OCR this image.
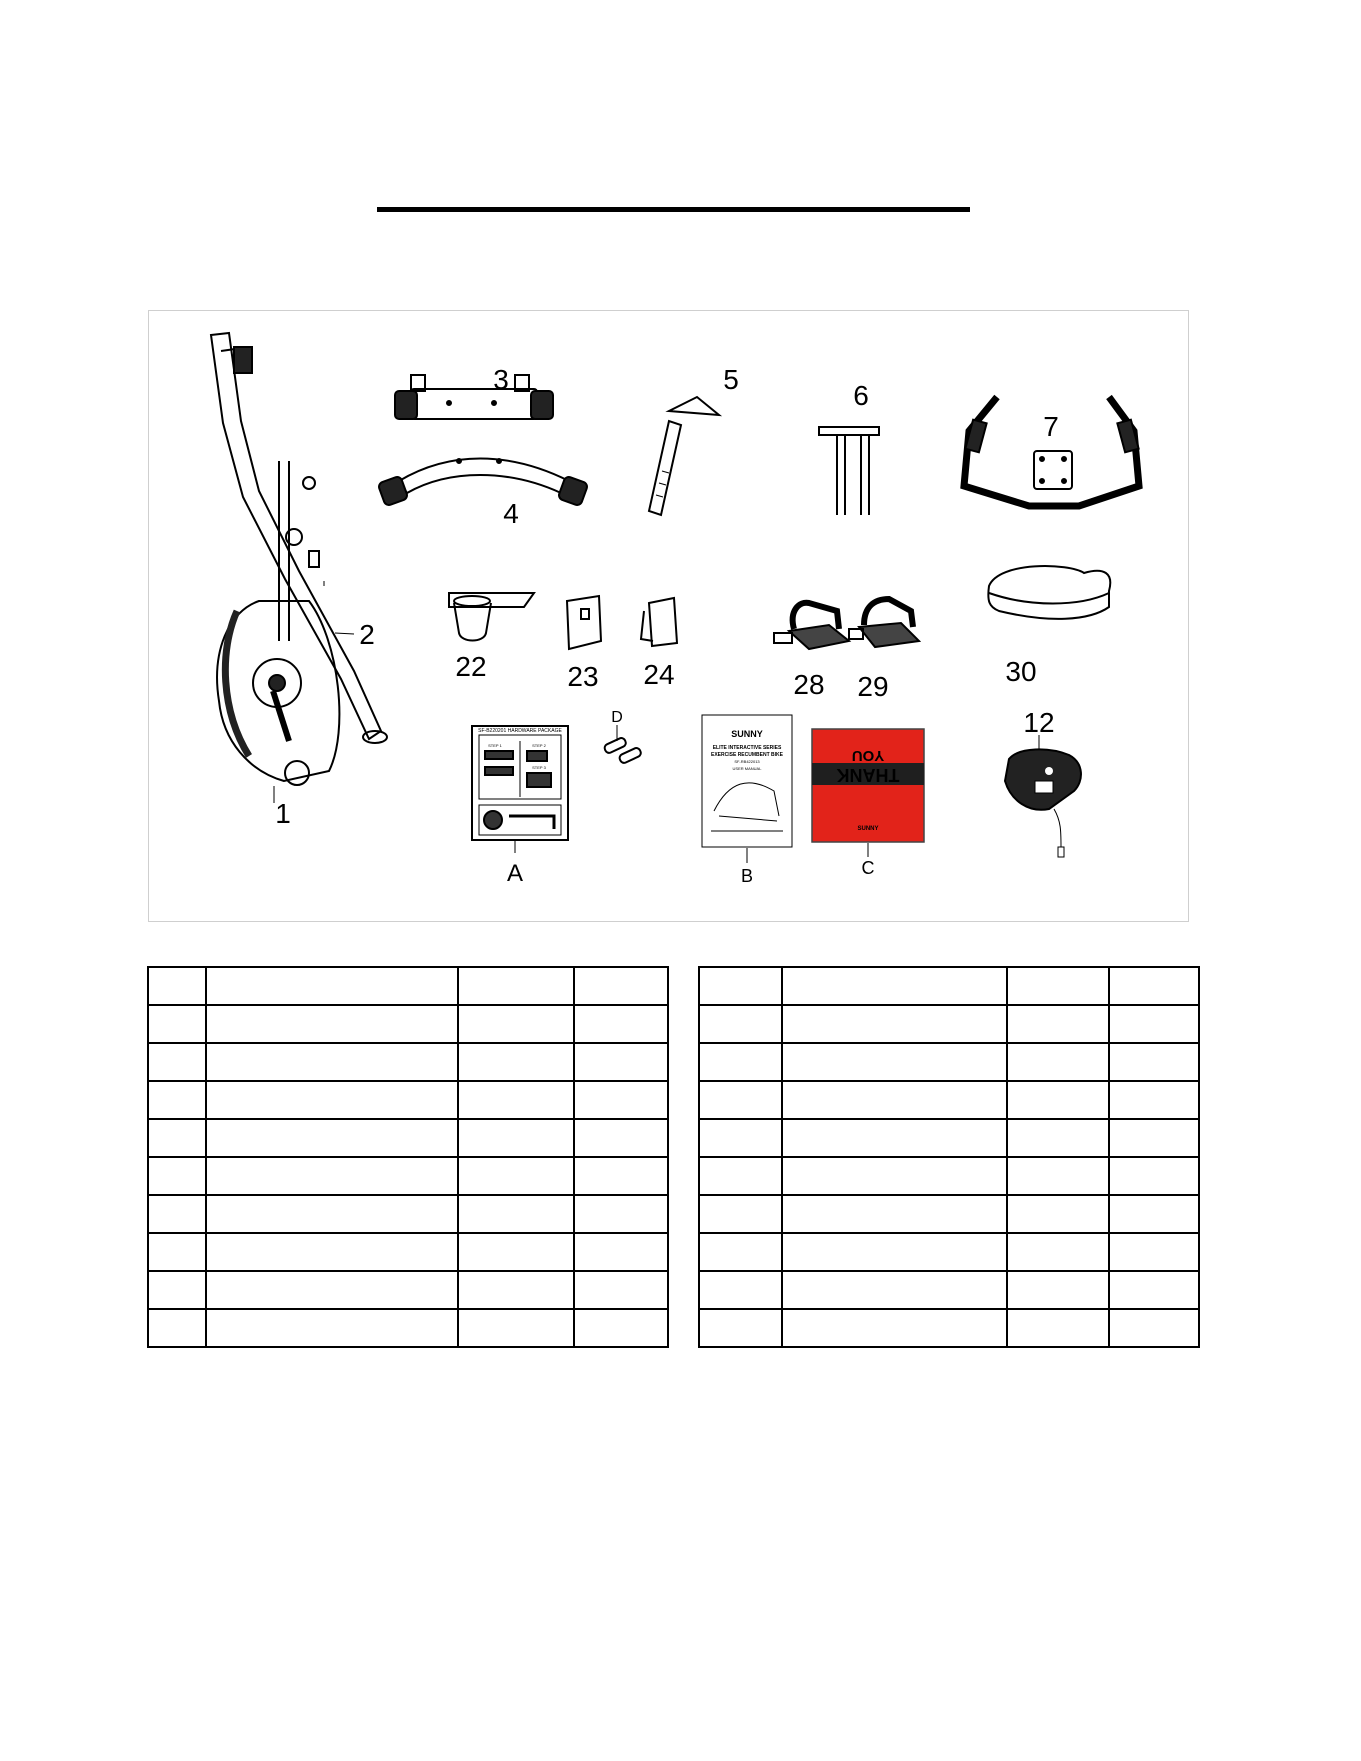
SF-B220201 HARDWARE PACKAGE
STEP 1	STEP 2
STEP 3
SUNNY
ELITE INTERACTIVE SERIES
EXERCISE RECUMBENT BIKE
SF-RB422013
USER MANUAL	THANK
YOU
SUNNY
1
2
3
4
5
6
7
12
22	23 24	28 29	30
A	B	C
D
